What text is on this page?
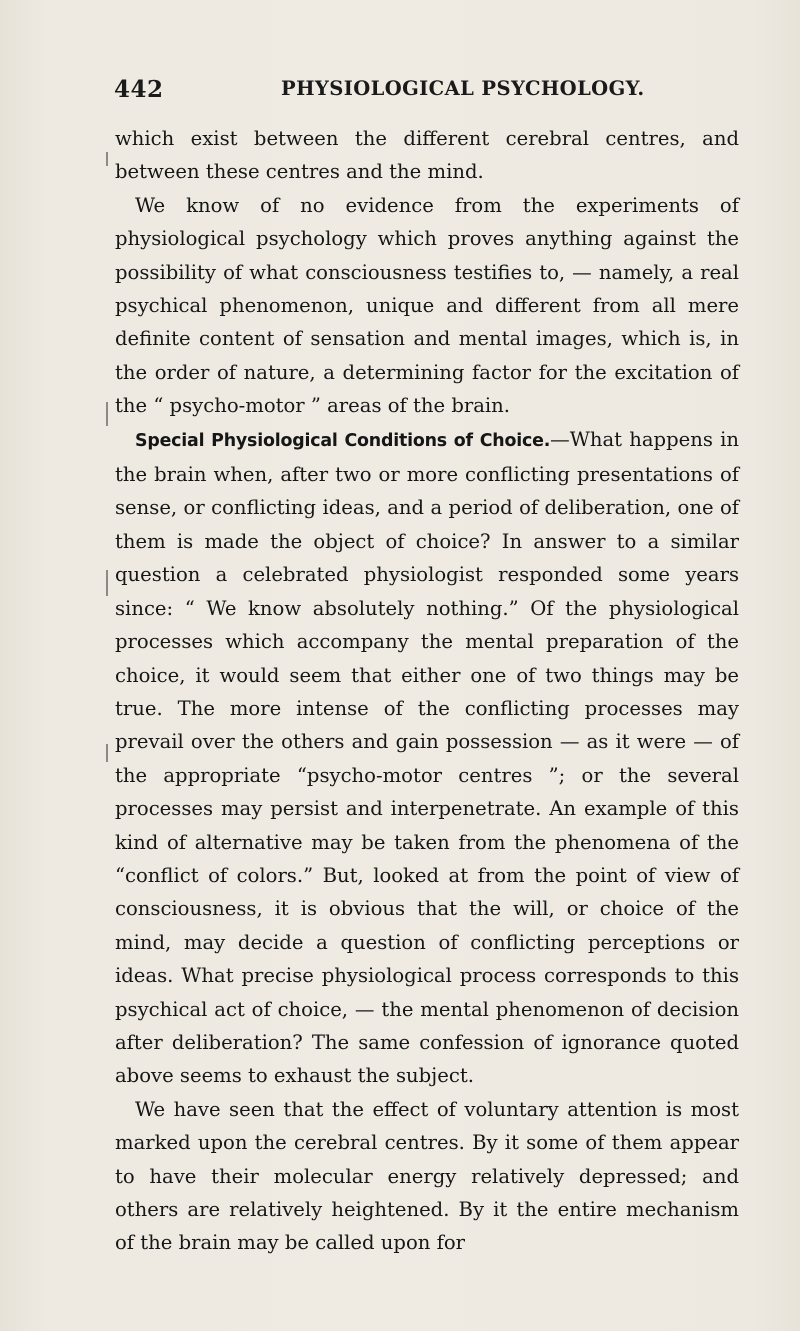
442	PHYSIOLOGICAL PSYCHOLOGY.

which exist between the different cerebral centres, and between these centres and the mind.

We know of no evidence from the experiments of physiological psychology which proves anything against the possibility of what consciousness testifies to, — namely, a real psychical phenomenon, unique and different from all mere definite content of sensation and mental images, which is, in the order of nature, a determining factor for the excitation of the “ psycho-motor ” areas of the brain.

Special Physiological Conditions of Choice.—What happens in the brain when, after two or more conflicting presentations of sense, or conflicting ideas, and a period of deliberation, one of them is made the object of choice? In answer to a similar question a celebrated physiologist responded some years since: “ We know absolutely nothing.” Of the physiological processes which accompany the mental preparation of the choice, it would seem that either one of two things may be true. The more intense of the conflicting processes may prevail over the others and gain possession — as it were — of the appropriate “psycho-motor centres ”; or the several processes may persist and interpenetrate. An example of this kind of alternative may be taken from the phenomena of the “conflict of colors.” But, looked at from the point of view of consciousness, it is obvious that the will, or choice of the mind, may decide a question of conflicting perceptions or ideas. What precise physiological process corresponds to this psychical act of choice, — the mental phenomenon of decision after deliberation? The same confession of ignorance quoted above seems to exhaust the subject.

We have seen that the effect of voluntary attention is most marked upon the cerebral centres. By it some of them appear to have their molecular energy relatively depressed; and others are relatively heightened. By it the entire mechanism of the brain may be called upon for
